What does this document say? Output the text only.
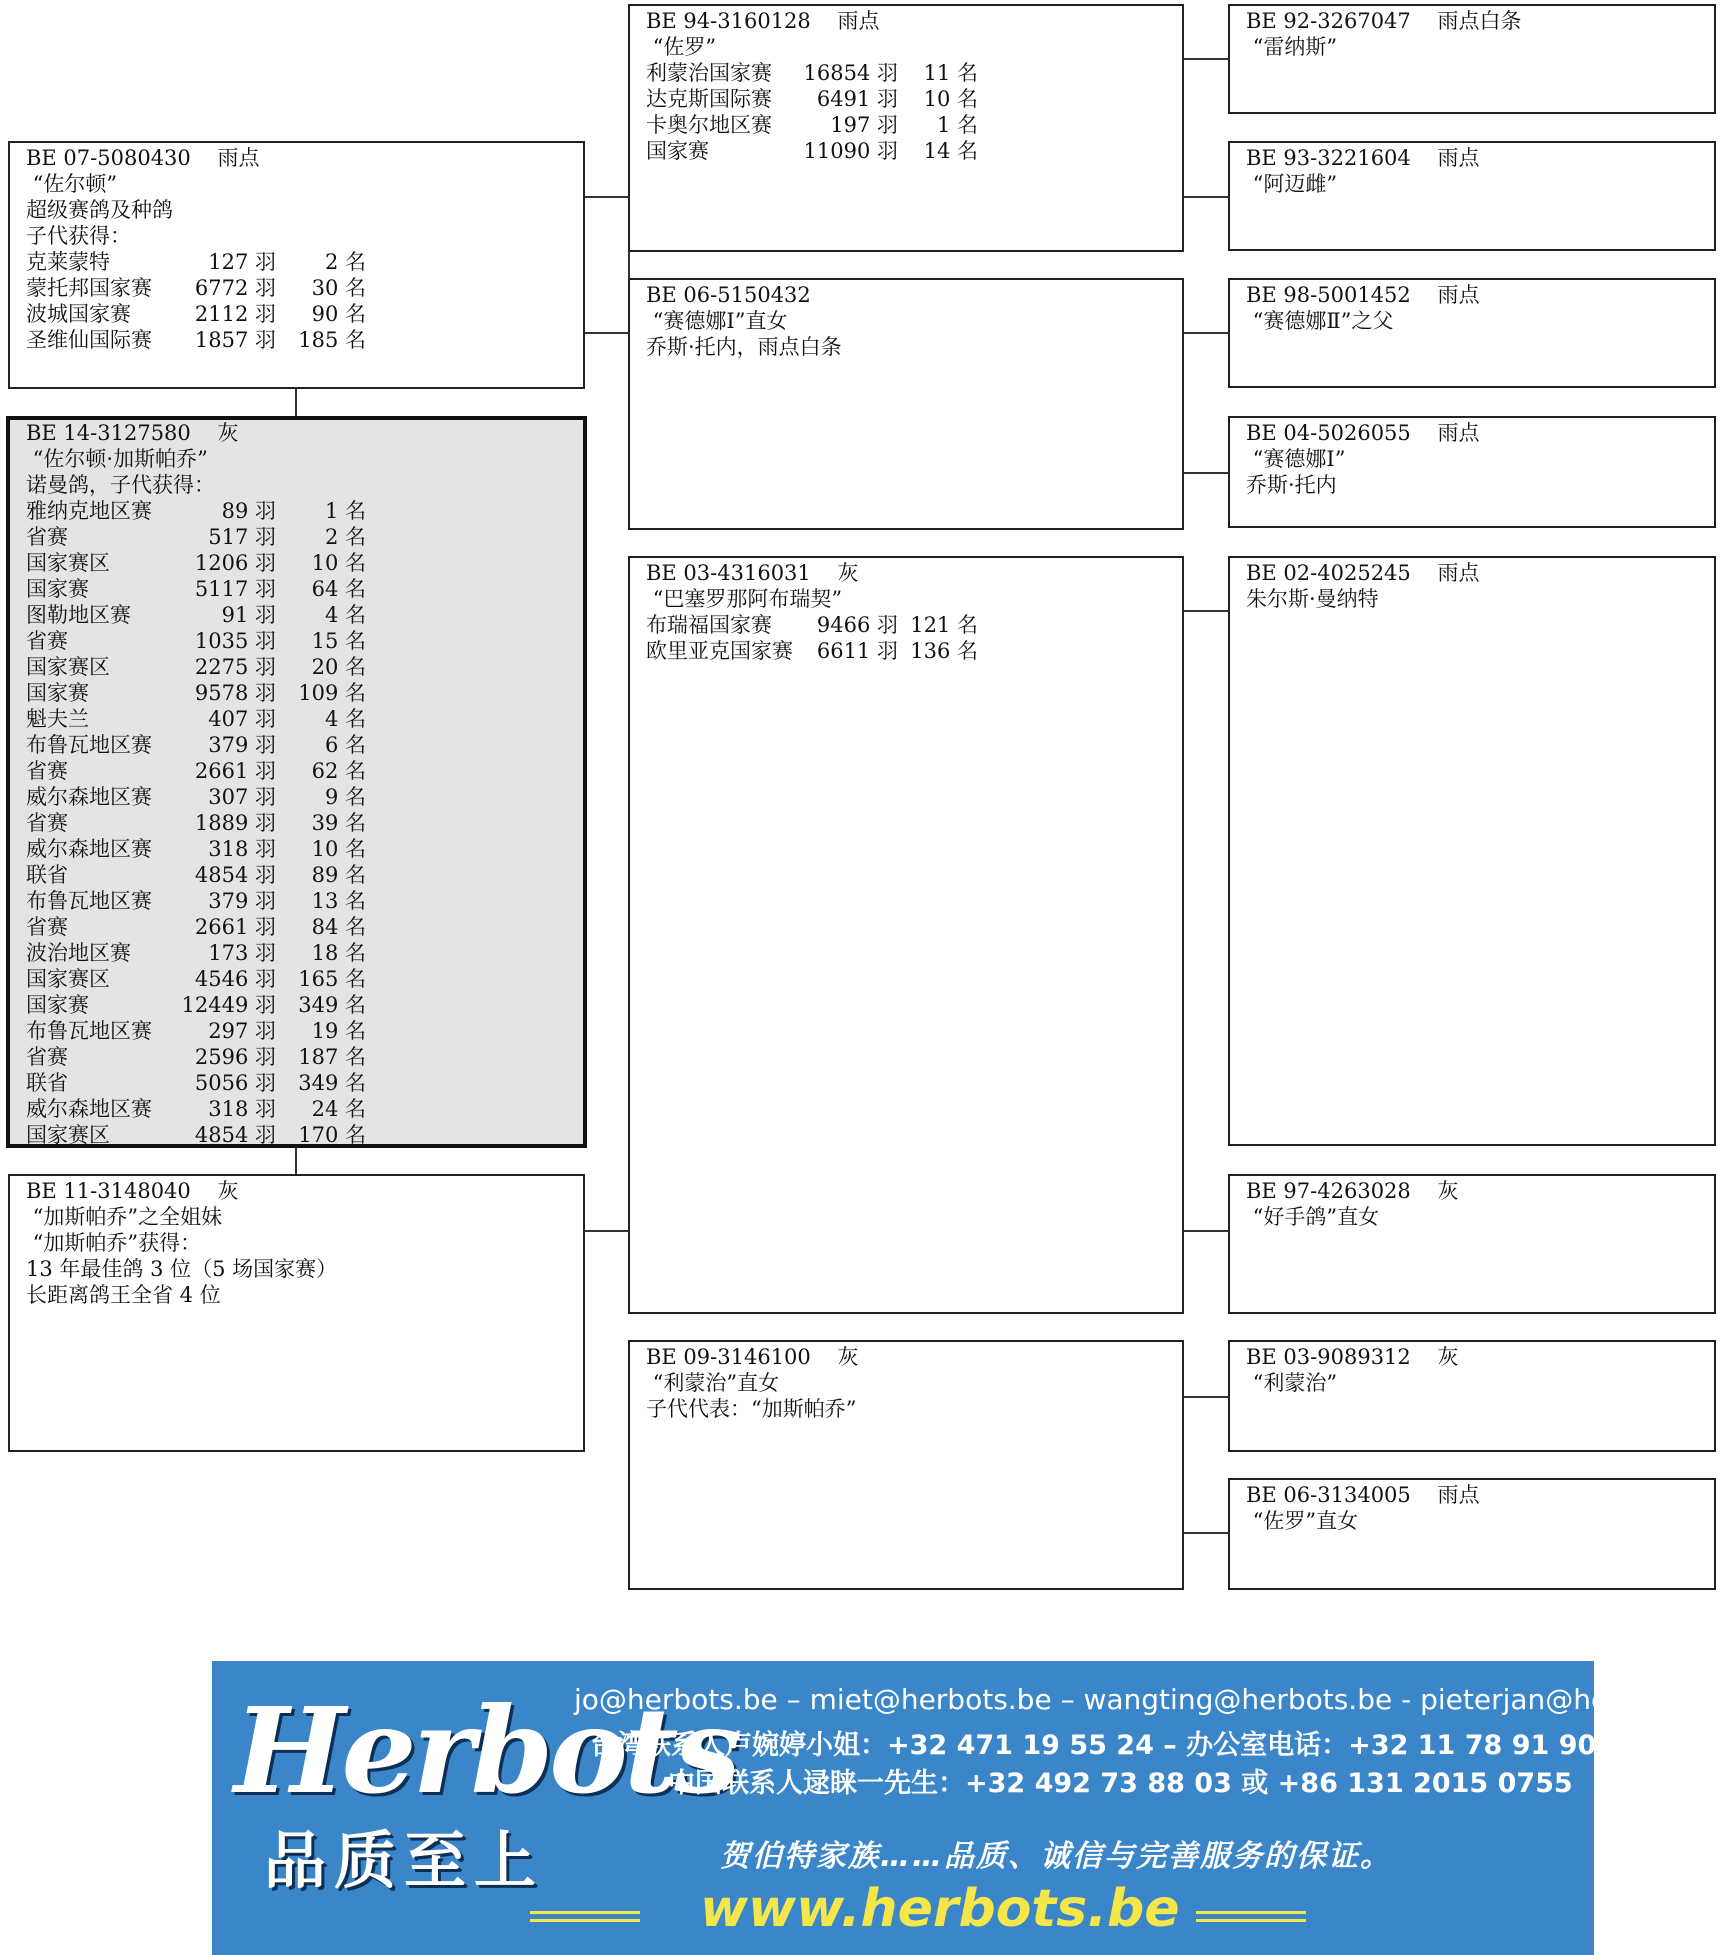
BE 07-5080430    雨点
“佐尔顿”
超级赛鸽及种鸽
子代获得：
克莱蒙特	127 羽	2 名
蒙托邦国家赛	6772 羽	30 名
波城国家赛	2112 羽	90 名
圣维仙国际赛	1857 羽	185 名
BE 14-3127580    灰
“佐尔顿·加斯帕乔”
诺曼鸽，子代获得：
雅纳克地区赛	89 羽	1 名
省赛	517 羽	2 名
国家赛区	1206 羽	10 名
国家赛	5117 羽	64 名
图勒地区赛	91 羽	4 名
省赛	1035 羽	15 名
国家赛区	2275 羽	20 名
国家赛	9578 羽	109 名
魁夫兰	407 羽	4 名
布鲁瓦地区赛	379 羽	6 名
省赛	2661 羽	62 名
威尔森地区赛	307 羽	9 名
省赛	1889 羽	39 名
威尔森地区赛	318 羽	10 名
联省	4854 羽	89 名
布鲁瓦地区赛	379 羽	13 名
省赛	2661 羽	84 名
波治地区赛	173 羽	18 名
国家赛区	4546 羽	165 名
国家赛	12449 羽	349 名
布鲁瓦地区赛	297 羽	19 名
省赛	2596 羽	187 名
联省	5056 羽	349 名
威尔森地区赛	318 羽	24 名
国家赛区	4854 羽	170 名
BE 11-3148040    灰
“加斯帕乔”之全姐妹
“加斯帕乔”获得：
13 年最佳鸽 3 位（5 场国家赛）
长距离鸽王全省 4 位
BE 94-3160128    雨点
“佐罗”
利蒙治国家赛	16854 羽	11 名
达克斯国际赛	6491 羽	10 名
卡奥尔地区赛	197 羽	1 名
国家赛	11090 羽	14 名
BE 06-5150432
“赛德娜Ⅰ”直女
乔斯·托内，雨点白条
BE 03-4316031    灰
“巴塞罗那阿布瑞契”
布瑞福国家赛	9466 羽 121 名
欧里亚克国家赛	6611 羽 136 名
BE 09-3146100    灰
“利蒙治”直女
子代代表：“加斯帕乔”
BE 92-3267047    雨点白条
“雷纳斯”
BE 93-3221604    雨点
“阿迈雌”
BE 98-5001452    雨点
“赛德娜Ⅱ”之父
BE 04-5026055    雨点
“赛德娜Ⅰ”
乔斯·托内
BE 02-4025245    雨点
朱尔斯·曼纳特
BE 97-4263028    灰
“好手鸽”直女
BE 03-9089312    灰
“利蒙治”
BE 06-3134005    雨点
“佐罗”直女
Herbots
品质至上
jo@herbots.be – miet@herbots.be – wangting@herbots.be - pieterjan@herbots.be
台湾联系人卢婉婷小姐：+32 471 19 55 24 – 办公室电话：+32 11 78 91 90
中国联系人逯睐一先生：+32 492 73 88 03 或 +86 131 2015 0755
贺伯特家族……品质、诚信与完善服务的保证。
www.herbots.be
